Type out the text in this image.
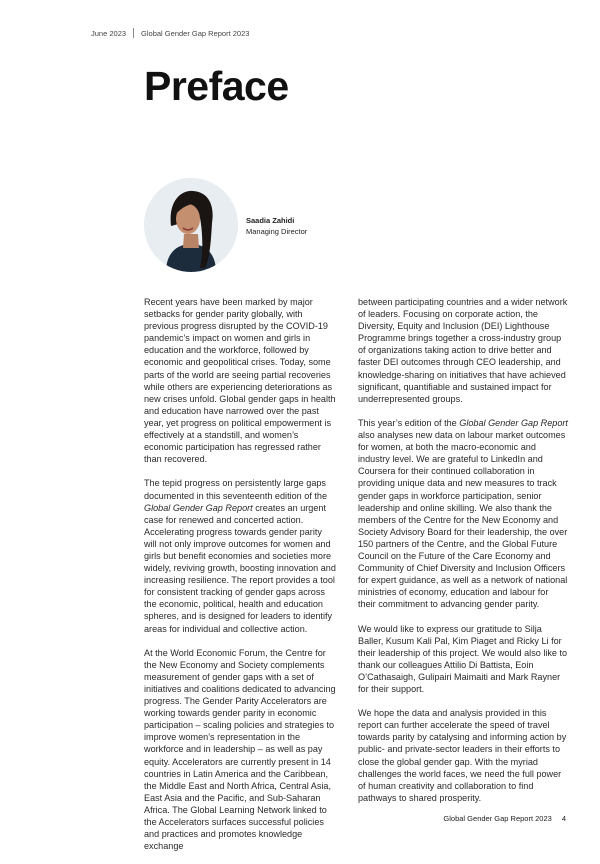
June 2023 Global Gender Gap Report 2023
Preface
Saadia Zahidi
Managing Director

Recent years have been marked by major setbacks for gender parity globally, with previous progress disrupted by the COVID-19 pandemic’s impact on women and girls in education and the workforce, followed by economic and geopolitical crises. Today, some parts of the world are seeing partial recoveries while others are experiencing deteriorations as new crises unfold. Global gender gaps in health and education have narrowed over the past year, yet progress on political empowerment is effectively at a standstill, and women’s economic participation has regressed rather than recovered.

The tepid progress on persistently large gaps documented in this seventeenth edition of the Global Gender Gap Report creates an urgent case for renewed and concerted action. Accelerating progress towards gender parity will not only improve outcomes for women and girls but benefit economies and societies more widely, reviving growth, boosting innovation and increasing resilience. The report provides a tool for consistent tracking of gender gaps across the economic, political, health and education spheres, and is designed for leaders to identify areas for individual and collective action.

At the World Economic Forum, the Centre for the New Economy and Society complements measurement of gender gaps with a set of initiatives and coalitions dedicated to advancing progress. The Gender Parity Accelerators are working towards gender parity in economic participation – scaling policies and strategies to improve women’s representation in the workforce and in leadership – as well as pay equity. Accelerators are currently present in 14 countries in Latin America and the Caribbean, the Middle East and North Africa, Central Asia, East Asia and the Pacific, and Sub-Saharan Africa. The Global Learning Network linked to the Accelerators surfaces successful policies and practices and promotes knowledge exchange

between participating countries and a wider network of leaders. Focusing on corporate action, the Diversity, Equity and Inclusion (DEI) Lighthouse Programme brings together a cross-industry group of organizations taking action to drive better and faster DEI outcomes through CEO leadership, and knowledge-sharing on initiatives that have achieved significant, quantifiable and sustained impact for underrepresented groups.

This year’s edition of the Global Gender Gap Report also analyses new data on labour market outcomes for women, at both the macro-economic and industry level. We are grateful to LinkedIn and Coursera for their continued collaboration in providing unique data and new measures to track gender gaps in workforce participation, senior leadership and online skilling. We also thank the members of the Centre for the New Economy and Society Advisory Board for their leadership, the over 150 partners of the Centre, and the Global Future Council on the Future of the Care Economy and Community of Chief Diversity and Inclusion Officers for expert guidance, as well as a network of national ministries of economy, education and labour for their commitment to advancing gender parity.

We would like to express our gratitude to Silja Baller, Kusum Kali Pal, Kim Piaget and Ricky Li for their leadership of this project. We would also like to thank our colleagues Attilio Di Battista, Eoin O’Cathasaigh, Gulipairi Maimaiti and Mark Rayner for their support.

We hope the data and analysis provided in this report can further accelerate the speed of travel towards parity by catalysing and informing action by public- and private-sector leaders in their efforts to close the global gender gap. With the myriad challenges the world faces, we need the full power of human creativity and collaboration to find pathways to shared prosperity.

Global Gender Gap Report 2023 4
